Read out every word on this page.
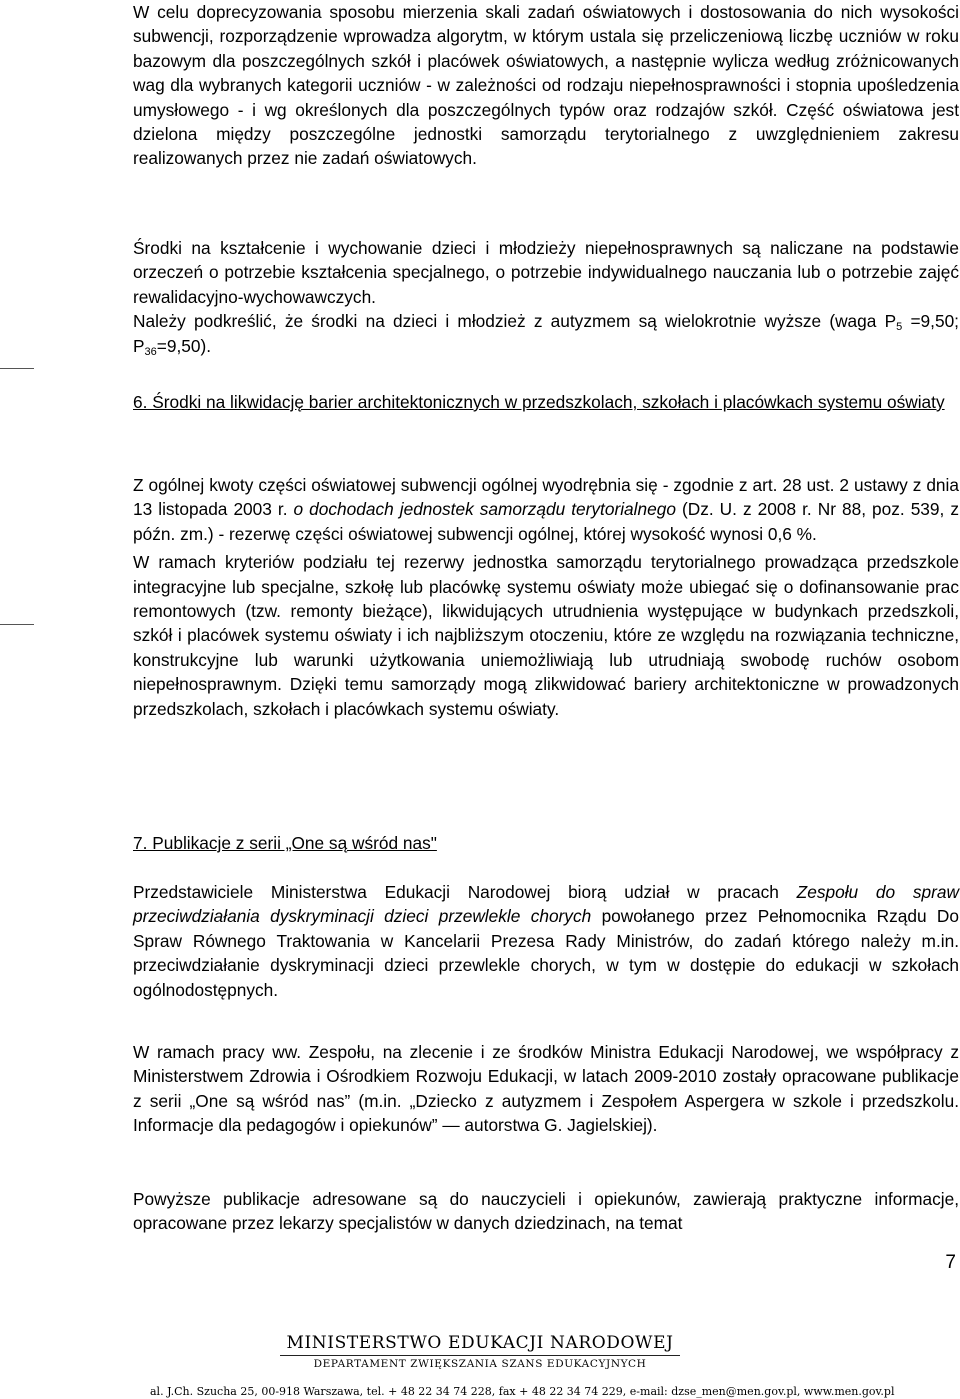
W celu doprecyzowania sposobu mierzenia skali zadań oświatowych i dostosowania do nich wysokości subwencji, rozporządzenie wprowadza algorytm, w którym ustala się przeliczeniową liczbę uczniów w roku bazowym dla poszczególnych szkół i placówek oświatowych, a następnie wylicza według zróżnicowanych wag dla wybranych kategorii uczniów - w zależności od rodzaju niepełnosprawności i stopnia upośledzenia umysłowego - i wg określonych dla poszczególnych typów oraz rodzajów szkół. Część oświatowa jest dzielona między poszczególne jednostki samorządu terytorialnego z uwzględnieniem zakresu realizowanych przez nie zadań oświatowych.

Środki na kształcenie i wychowanie dzieci i młodzieży niepełnosprawnych są naliczane na podstawie orzeczeń o potrzebie kształcenia specjalnego, o potrzebie indywidualnego nauczania lub o potrzebie zajęć rewalidacyjno-wychowawczych.

Należy podkreślić, że środki na dzieci i młodzież z autyzmem są wielokrotnie wyższe (waga $P_5 =9,50$; $P_{36}=9,50$).

6. Środki na likwidację barier architektonicznych w przedszkolach, szkołach i placówkach systemu oświaty

Z ogólnej kwoty części oświatowej subwencji ogólnej wyodrębnia się - zgodnie z art. 28 ust. 2 ustawy z dnia 13 listopada 2003 r. o dochodach jednostek samorządu terytorialnego (Dz. U. z 2008 r. Nr 88, poz. 539, z późn. zm.) - rezerwę części oświatowej subwencji ogólnej, której wysokość wynosi 0,6 %.

W ramach kryteriów podziału tej rezerwy jednostka samorządu terytorialnego prowadząca przedszkole integracyjne lub specjalne, szkołę lub placówkę systemu oświaty może ubiegać się o dofinansowanie prac remontowych (tzw. remonty bieżące), likwidujących utrudnienia występujące w budynkach przedszkoli, szkół i placówek systemu oświaty i ich najbliższym otoczeniu, które ze względu na rozwiązania techniczne, konstrukcyjne lub warunki użytkowania uniemożliwiają lub utrudniają swobodę ruchów osobom niepełnosprawnym. Dzięki temu samorządy mogą zlikwidować bariery architektoniczne w prowadzonych przedszkolach, szkołach i placówkach systemu oświaty.

7. Publikacje z serii „One są wśród nas"

Przedstawiciele Ministerstwa Edukacji Narodowej biorą udział w pracach Zespołu do spraw przeciwdziałania dyskryminacji dzieci przewlekle chorych powołanego przez Pełnomocnika Rządu Do Spraw Równego Traktowania w Kancelarii Prezesa Rady Ministrów, do zadań którego należy m.in. przeciwdziałanie dyskryminacji dzieci przewlekle chorych, w tym w dostępie do edukacji w szkołach ogólnodostępnych.

W ramach pracy ww. Zespołu, na zlecenie i ze środków Ministra Edukacji Narodowej, we współpracy z Ministerstwem Zdrowia i Ośrodkiem Rozwoju Edukacji, w latach 2009-2010 zostały opracowane publikacje z serii „One są wśród nas” (m.in. „Dziecko z autyzmem i Zespołem Aspergera w szkole i przedszkolu. Informacje dla pedagogów i opiekunów” — autorstwa G. Jagielskiej).

Powyższe publikacje adresowane są do nauczycieli i opiekunów, zawierają praktyczne informacje, opracowane przez lekarzy specjalistów w danych dziedzinach, na temat

7
MINISTERSTWO EDUKACJI NARODOWEJ
DEPARTAMENT ZWIĘKSZANIA SZANS EDUKACYJNYCH
al. J.Ch. Szucha 25, 00-918 Warszawa, tel. + 48 22 34 74 228, fax + 48 22 34 74 229, e-mail: dzse_men@men.gov.pl, www.men.gov.pl
